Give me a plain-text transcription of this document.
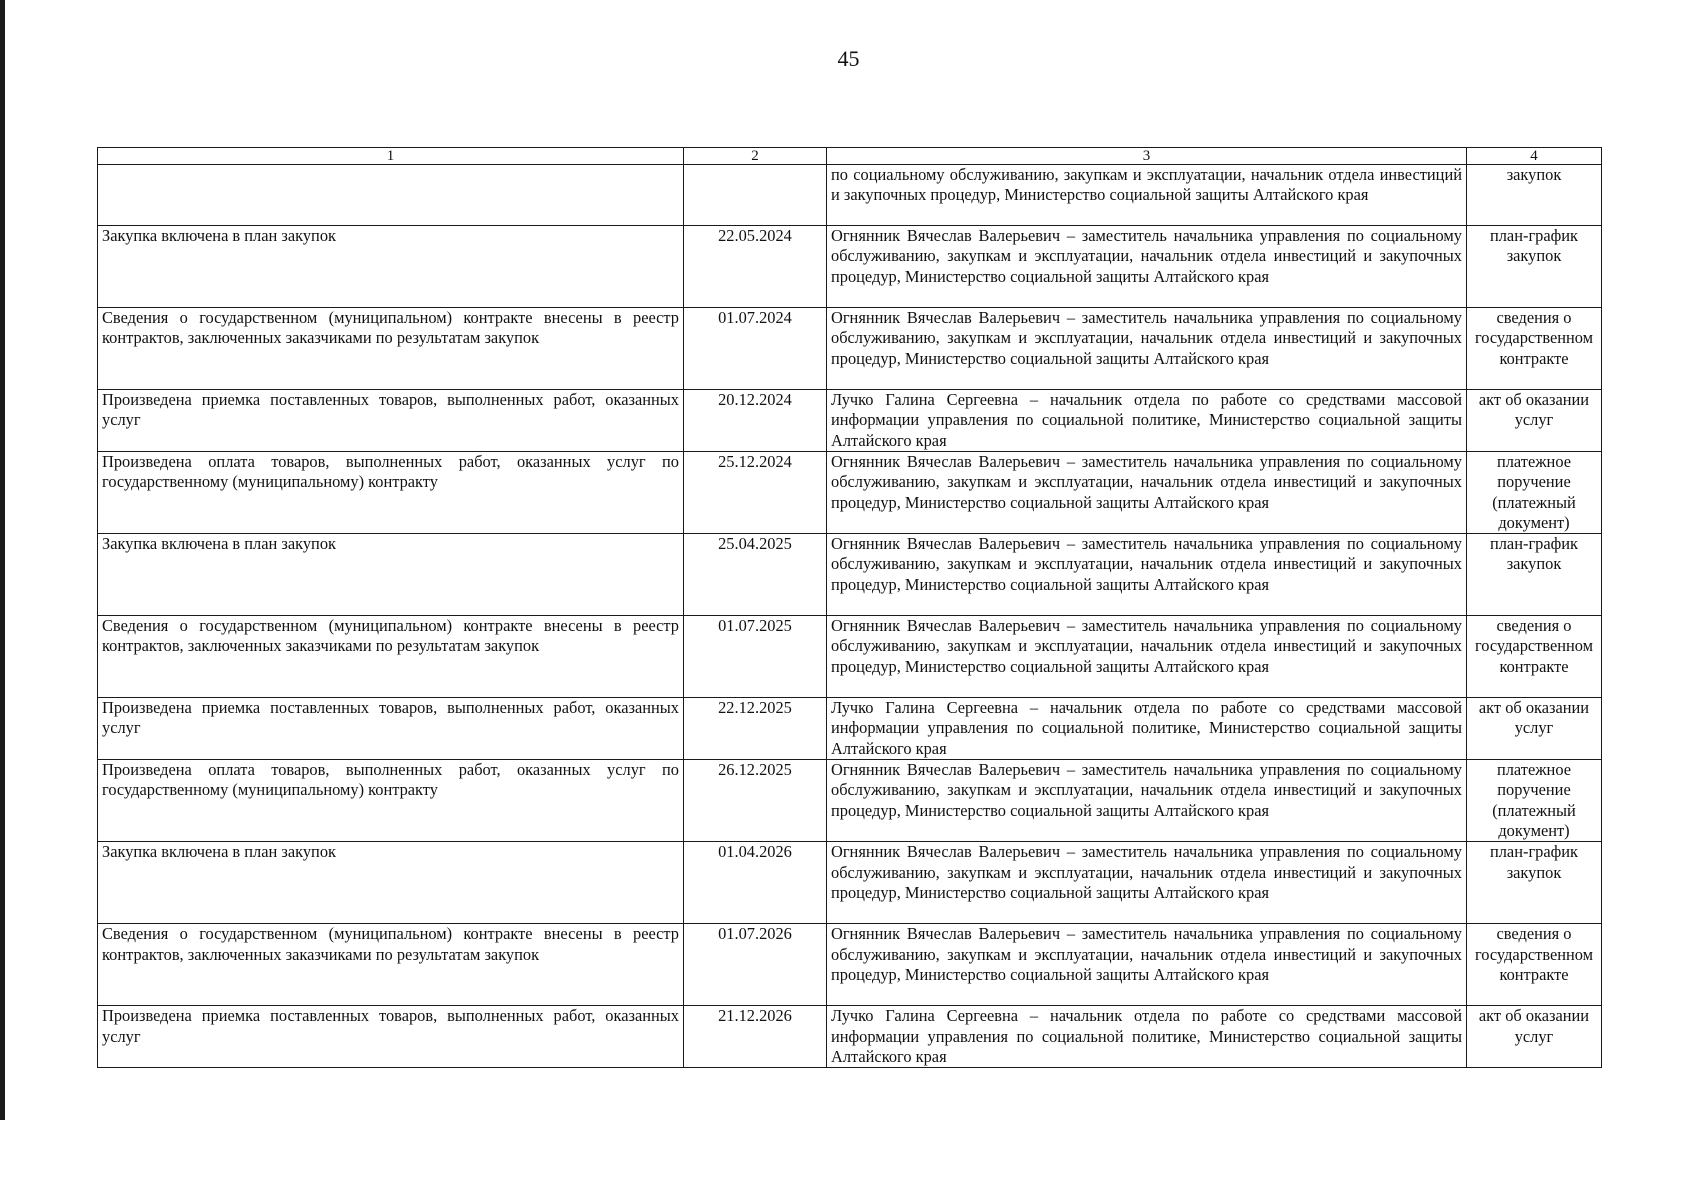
45
1	2	3	4
		по социальному обслуживанию, закупкам и эксплуатации, начальник отдела инвестиций и закупочных процедур, Министерство социальной защиты Алтайского края	закупок
Закупка включена в план закупок	22.05.2024	Огнянник Вячеслав Валерьевич – заместитель начальника управления по социальному обслуживанию, закупкам и эксплуатации, начальник отдела инвестиций и закупочных процедур, Министерство социальной защиты Алтайского края	план-график закупок
Сведения о государственном (муниципальном) контракте внесены в реестр контрактов, заключенных заказчиками по результатам закупок	01.07.2024	Огнянник Вячеслав Валерьевич – заместитель начальника управления по социальному обслуживанию, закупкам и эксплуатации, начальник отдела инвестиций и закупочных процедур, Министерство социальной защиты Алтайского края	сведения о государственном контракте
Произведена приемка поставленных товаров, выполненных работ, оказанных услуг	20.12.2024	Лучко Галина Сергеевна – начальник отдела по работе со средствами массовой информации управления по социальной политике, Министерство социальной защиты Алтайского края	акт об оказании услуг
Произведена оплата товаров, выполненных работ, оказанных услуг по государственному (муниципальному) контракту	25.12.2024	Огнянник Вячеслав Валерьевич – заместитель начальника управления по социальному обслуживанию, закупкам и эксплуатации, начальник отдела инвестиций и закупочных процедур, Министерство социальной защиты Алтайского края	платежное поручение (платежный документ)
Закупка включена в план закупок	25.04.2025	Огнянник Вячеслав Валерьевич – заместитель начальника управления по социальному обслуживанию, закупкам и эксплуатации, начальник отдела инвестиций и закупочных процедур, Министерство социальной защиты Алтайского края	план-график закупок
Сведения о государственном (муниципальном) контракте внесены в реестр контрактов, заключенных заказчиками по результатам закупок	01.07.2025	Огнянник Вячеслав Валерьевич – заместитель начальника управления по социальному обслуживанию, закупкам и эксплуатации, начальник отдела инвестиций и закупочных процедур, Министерство социальной защиты Алтайского края	сведения о государственном контракте
Произведена приемка поставленных товаров, выполненных работ, оказанных услуг	22.12.2025	Лучко Галина Сергеевна – начальник отдела по работе со средствами массовой информации управления по социальной политике, Министерство социальной защиты Алтайского края	акт об оказании услуг
Произведена оплата товаров, выполненных работ, оказанных услуг по государственному (муниципальному) контракту	26.12.2025	Огнянник Вячеслав Валерьевич – заместитель начальника управления по социальному обслуживанию, закупкам и эксплуатации, начальник отдела инвестиций и закупочных процедур, Министерство социальной защиты Алтайского края	платежное поручение (платежный документ)
Закупка включена в план закупок	01.04.2026	Огнянник Вячеслав Валерьевич – заместитель начальника управления по социальному обслуживанию, закупкам и эксплуатации, начальник отдела инвестиций и закупочных процедур, Министерство социальной защиты Алтайского края	план-график закупок
Сведения о государственном (муниципальном) контракте внесены в реестр контрактов, заключенных заказчиками по результатам закупок	01.07.2026	Огнянник Вячеслав Валерьевич – заместитель начальника управления по социальному обслуживанию, закупкам и эксплуатации, начальник отдела инвестиций и закупочных процедур, Министерство социальной защиты Алтайского края	сведения о государственном контракте
Произведена приемка поставленных товаров, выполненных работ, оказанных услуг	21.12.2026	Лучко Галина Сергеевна – начальник отдела по работе со средствами массовой информации управления по социальной политике, Министерство социальной защиты Алтайского края	акт об оказании услуг
